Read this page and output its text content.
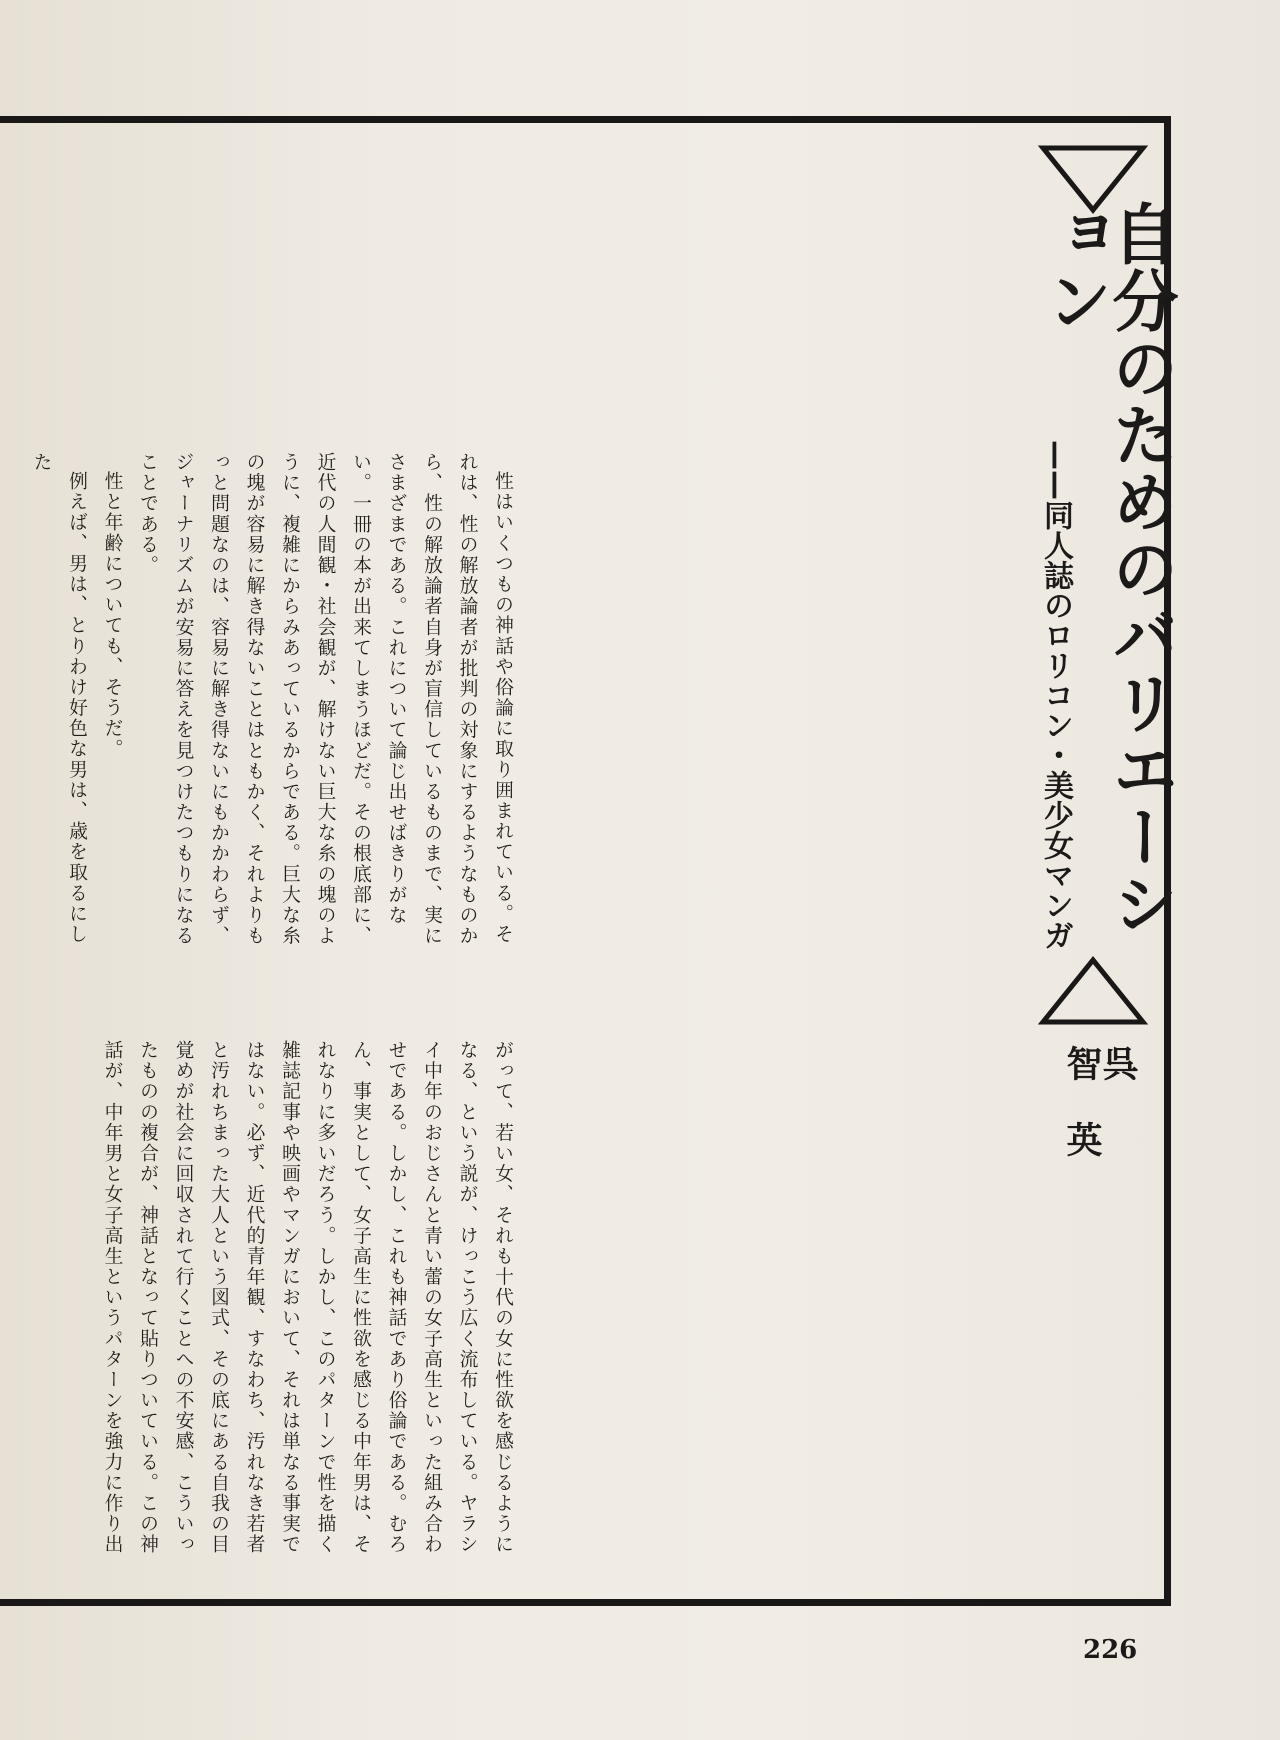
自分のためのバリエーション
——同人誌のロリコン・美少女マンガ
呉　智英

性はいくつもの神話や俗論に取り囲まれている。それは、性の解放論者が批判の対象にするようなものから、性の解放論者自身が盲信しているものまで、実にさまざまである。これについて論じ出せばきりがない。一冊の本が出来てしまうほどだ。その根底部に、近代の人間観・社会観が、解けない巨大な糸の塊のように、複雑にからみあっているからである。巨大な糸の塊が容易に解き得ないことはともかく、それよりもっと問題なのは、容易に解き得ないにもかかわらず、ジャーナリズムが安易に答えを見つけたつもりになることである。

性と年齢についても、そうだ。

例えば、男は、とりわけ好色な男は、歳を取るにした

がって、若い女、それも十代の女に性欲を感じるようになる、という説が、けっこう広く流布している。ヤラシイ中年のおじさんと青い蕾の女子高生といった組み合わせである。しかし、これも神話であり俗論である。むろん、事実として、女子高生に性欲を感じる中年男は、それなりに多いだろう。しかし、このパターンで性を描く雑誌記事や映画やマンガにおいて、それは単なる事実ではない。必ず、近代的青年観、すなわち、汚れなき若者と汚れちまった大人という図式、その底にある自我の目覚めが社会に回収されて行くことへの不安感、こういったものの複合が、神話となって貼りついている。この神話が、中年男と女子高生というパターンを強力に作り出

226
